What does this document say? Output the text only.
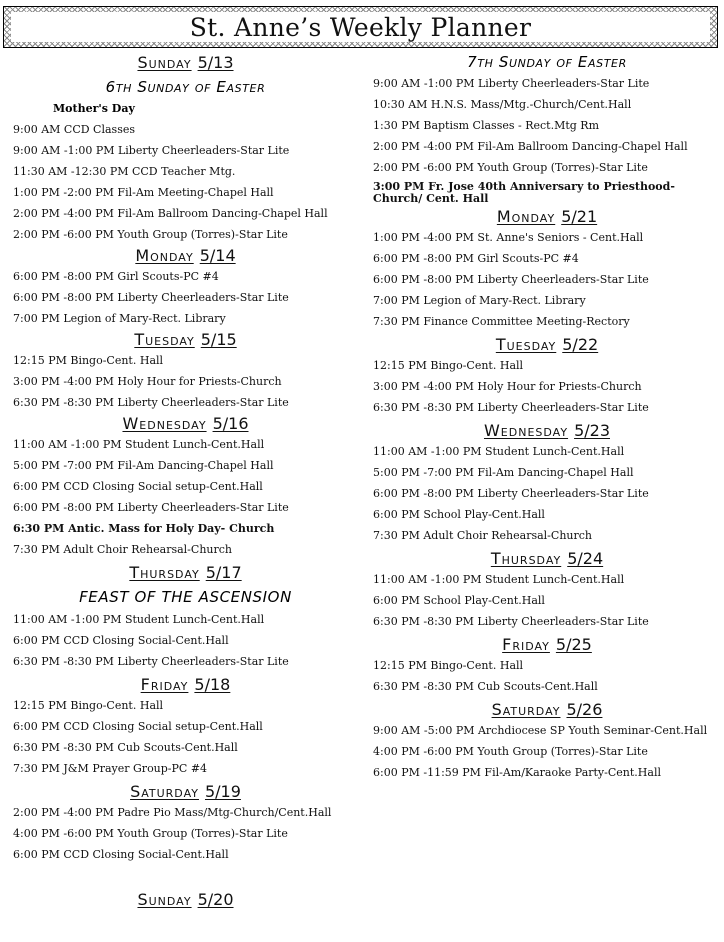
St. Anne’s Weekly Planner
Sunday 5/13
6th Sunday of Easter
Mother's Day
9:00 AM CCD Classes
9:00 AM -1:00 PM Liberty Cheerleaders-Star Lite
11:30 AM -12:30 PM CCD Teacher Mtg.
1:00 PM -2:00 PM Fil-Am Meeting-Chapel Hall
2:00 PM -4:00 PM Fil-Am Ballroom Dancing-Chapel Hall
2:00 PM -6:00 PM Youth Group (Torres)-Star Lite
Monday 5/14
6:00 PM -8:00 PM Girl Scouts-PC #4
6:00 PM -8:00 PM Liberty Cheerleaders-Star Lite
7:00 PM Legion of Mary-Rect. Library
Tuesday 5/15
12:15 PM Bingo-Cent. Hall
3:00 PM -4:00 PM Holy Hour for Priests-Church
6:30 PM -8:30 PM Liberty Cheerleaders-Star Lite
Wednesday 5/16
11:00 AM -1:00 PM Student Lunch-Cent.Hall
5:00 PM -7:00 PM Fil-Am Dancing-Chapel Hall
6:00 PM CCD Closing Social setup-Cent.Hall
6:00 PM -8:00 PM Liberty Cheerleaders-Star Lite
6:30 PM Antic. Mass for Holy Day- Church
7:30 PM Adult Choir Rehearsal-Church
Thursday 5/17
FEAST OF THE ASCENSION
11:00 AM -1:00 PM Student Lunch-Cent.Hall
6:00 PM CCD Closing Social-Cent.Hall
6:30 PM -8:30 PM Liberty Cheerleaders-Star Lite
Friday 5/18
12:15 PM Bingo-Cent. Hall
6:00 PM CCD Closing Social setup-Cent.Hall
6:30 PM -8:30 PM Cub Scouts-Cent.Hall
7:30 PM J&M Prayer Group-PC #4
Saturday 5/19
2:00 PM -4:00 PM Padre Pio Mass/Mtg-Church/Cent.Hall
4:00 PM -6:00 PM Youth Group (Torres)-Star Lite
6:00 PM CCD Closing Social-Cent.Hall
Sunday 5/20
7th Sunday of Easter
9:00 AM -1:00 PM Liberty Cheerleaders-Star Lite
10:30 AM H.N.S. Mass/Mtg.-Church/Cent.Hall
1:30 PM Baptism Classes - Rect.Mtg Rm
2:00 PM -4:00 PM Fil-Am Ballroom Dancing-Chapel Hall
2:00 PM -6:00 PM Youth Group (Torres)-Star Lite
3:00 PM Fr. Jose 40th Anniversary to Priesthood-Church/ Cent. Hall
Monday 5/21
1:00 PM -4:00 PM St. Anne's Seniors - Cent.Hall
6:00 PM -8:00 PM Girl Scouts-PC #4
6:00 PM -8:00 PM Liberty Cheerleaders-Star Lite
7:00 PM Legion of Mary-Rect. Library
7:30 PM Finance Committee Meeting-Rectory
Tuesday 5/22
12:15 PM Bingo-Cent. Hall
3:00 PM -4:00 PM Holy Hour for Priests-Church
6:30 PM -8:30 PM Liberty Cheerleaders-Star Lite
Wednesday 5/23
11:00 AM -1:00 PM Student Lunch-Cent.Hall
5:00 PM -7:00 PM Fil-Am Dancing-Chapel Hall
6:00 PM -8:00 PM Liberty Cheerleaders-Star Lite
6:00 PM School Play-Cent.Hall
7:30 PM Adult Choir Rehearsal-Church
Thursday 5/24
11:00 AM -1:00 PM Student Lunch-Cent.Hall
6:00 PM School Play-Cent.Hall
6:30 PM -8:30 PM Liberty Cheerleaders-Star Lite
Friday 5/25
12:15 PM Bingo-Cent. Hall
6:30 PM -8:30 PM Cub Scouts-Cent.Hall
Saturday 5/26
9:00 AM -5:00 PM Archdiocese SP Youth Seminar-Cent.Hall
4:00 PM -6:00 PM Youth Group (Torres)-Star Lite
6:00 PM -11:59 PM Fil-Am/Karaoke Party-Cent.Hall
